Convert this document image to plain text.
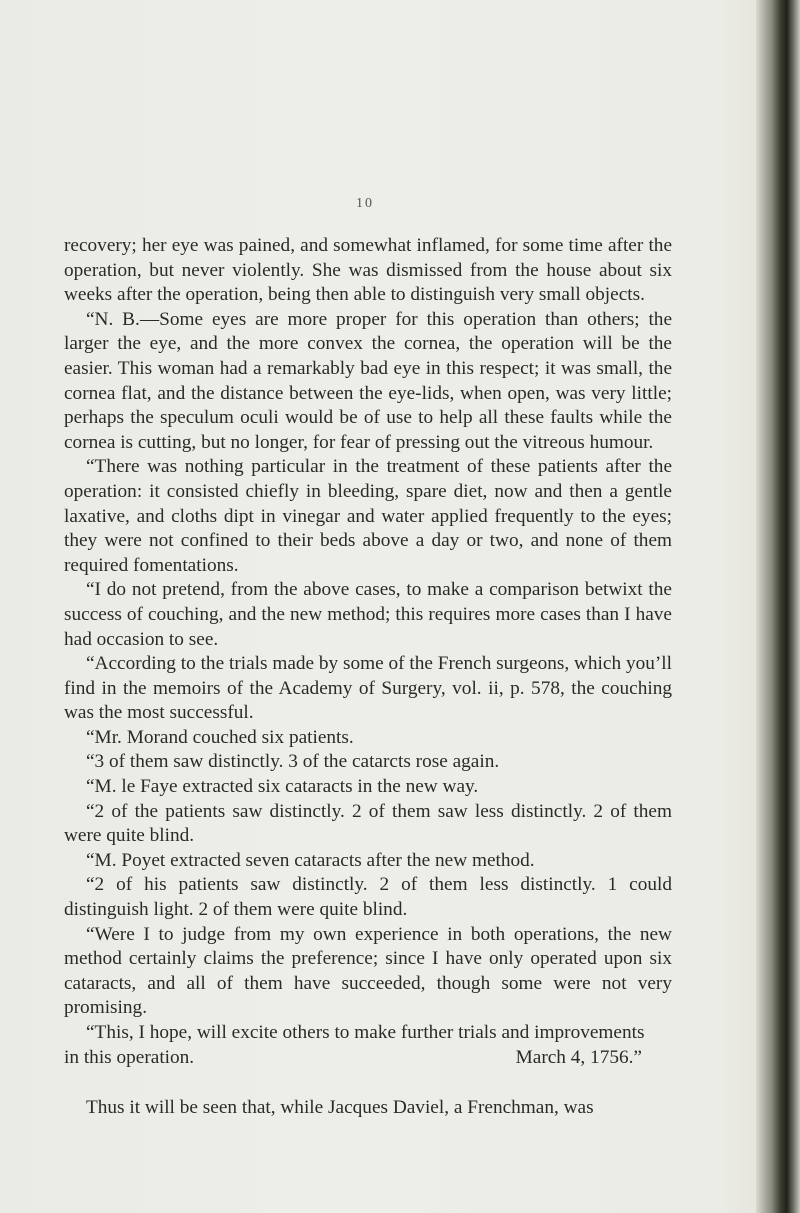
10

recovery; her eye was pained, and somewhat inflamed, for some time after the operation, but never violently. She was dismissed from the house about six weeks after the operation, being then able to distinguish very small objects.

“N. B.—Some eyes are more proper for this operation than others; the larger the eye, and the more convex the cornea, the operation will be the easier. This woman had a remarkably bad eye in this respect; it was small, the cornea flat, and the distance between the eye-lids, when open, was very little; perhaps the speculum oculi would be of use to help all these faults while the cornea is cutting, but no longer, for fear of pressing out the vitreous humour.

“There was nothing particular in the treatment of these patients after the operation: it consisted chiefly in bleeding, spare diet, now and then a gentle laxative, and cloths dipt in vinegar and water applied frequently to the eyes; they were not confined to their beds above a day or two, and none of them required fomentations.

“I do not pretend, from the above cases, to make a comparison betwixt the success of couching, and the new method; this requires more cases than I have had occasion to see.

“According to the trials made by some of the French surgeons, which you’ll find in the memoirs of the Academy of Surgery, vol. ii, p. 578, the couching was the most successful.

“Mr. Morand couched six patients.

“3 of them saw distinctly. 3 of the catarcts rose again.

“M. le Faye extracted six cataracts in the new way.

“2 of the patients saw distinctly. 2 of them saw less distinctly. 2 of them were quite blind.

“M. Poyet extracted seven cataracts after the new method.

“2 of his patients saw distinctly. 2 of them less distinctly. 1 could distinguish light. 2 of them were quite blind.

“Were I to judge from my own experience in both operations, the new method certainly claims the preference; since I have only operated upon six cataracts, and all of them have succeeded, though some were not very promising.

“This, I hope, will excite others to make further trials and improvements in this operation.	March 4, 1756.”

Thus it will be seen that, while Jacques Daviel, a Frenchman, was
